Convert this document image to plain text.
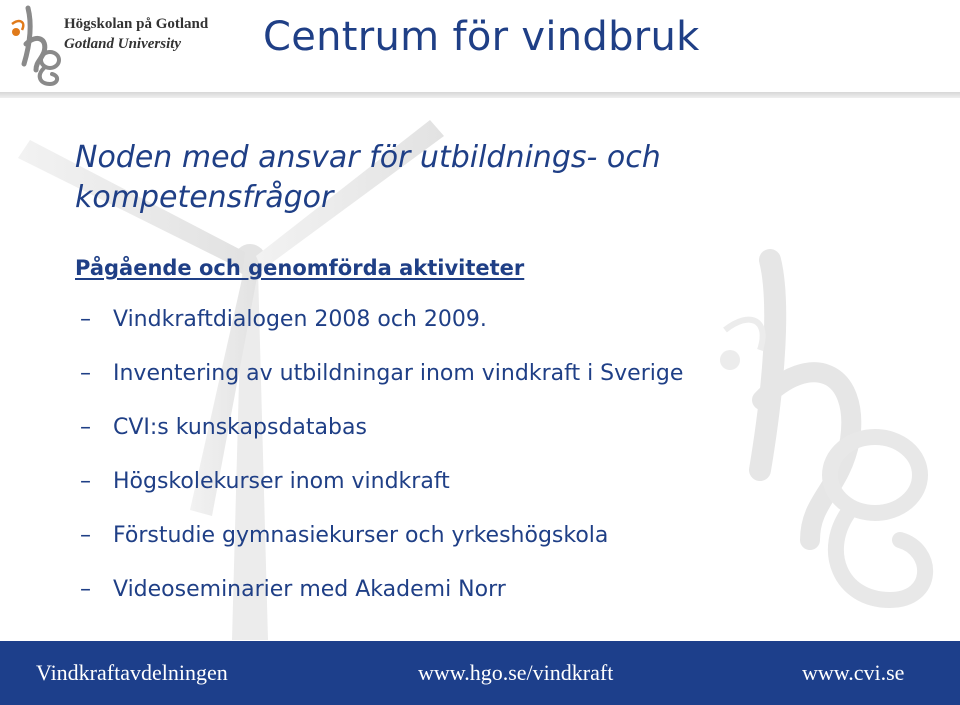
Högskolan på Gotland
Gotland University Centrum för vindbruk
Noden med ansvar för utbildnings- och kompetensfrågor
Pågående och genomförda aktiviteter
–	Vindkraftdialogen 2008 och 2009.
–	Inventering av utbildningar inom vindkraft i Sverige
–	CVI:s kunskapsdatabas
–	Högskolekurser inom vindkraft
–	Förstudie gymnasiekurser och yrkeshögskola
–	Videoseminarier med Akademi Norr
Vindkraftavdelningen	www.hgo.se/vindkraft	www.cvi.se
